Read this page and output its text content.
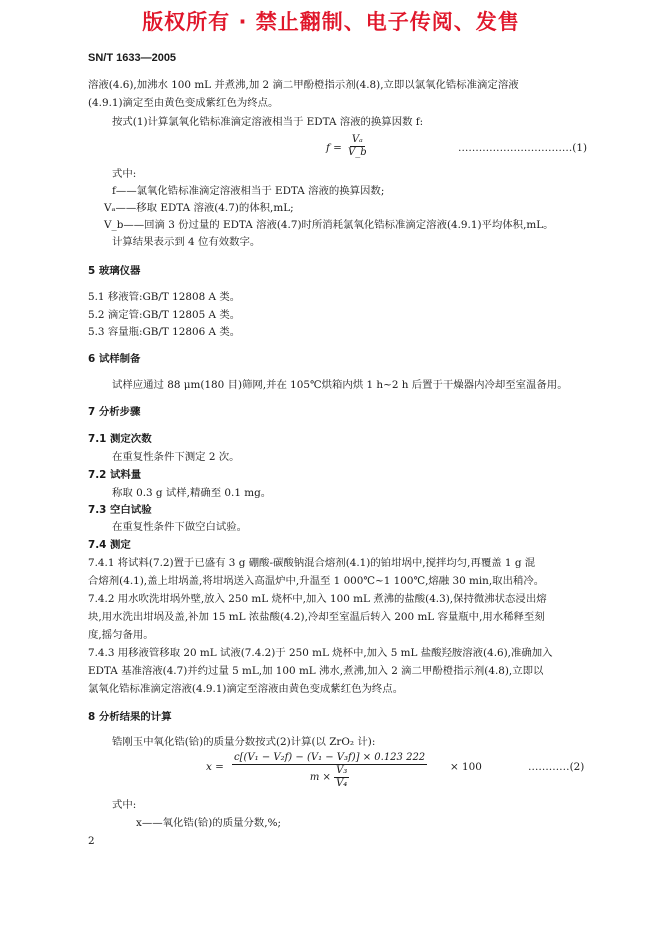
版权所有 · 禁止翻制、电子传阅、发售
SN/T 1633—2005
溶液(4.6),加沸水 100 mL 并煮沸,加 2 滴二甲酚橙指示剂(4.8),立即以氯氧化锆标准滴定溶液
(4.9.1)滴定至由黄色变成紫红色为终点。
按式(1)计算氯氧化锆标准滴定溶液相当于 EDTA 溶液的换算因数 f:
$f = \frac{\text{Vₐ}}{V\_b}$	……………………………(1)
式中:
f——氯氧化锆标准滴定溶液相当于 EDTA 溶液的换算因数;
Vₐ——移取 EDTA 溶液(4.7)的体积,mL;
V_b——回滴 3 份过量的 EDTA 溶液(4.7)时所消耗氯氧化锆标准滴定溶液(4.9.1)平均体积,mL。
计算结果表示到 4 位有效数字。
5 玻璃仪器
5.1 移液管:GB/T 12808 A 类。
5.2 滴定管:GB/T 12805 A 类。
5.3 容量瓶:GB/T 12806 A 类。
6 试样制备
试样应通过 88 μm(180 目)筛网,并在 105℃烘箱内烘 1 h~2 h 后置于干燥器内冷却至室温备用。
7 分析步骤
7.1 测定次数
在重复性条件下测定 2 次。
7.2 试料量
称取 0.3 g 试样,精确至 0.1 mg。
7.3 空白试验
在重复性条件下做空白试验。
7.4 测定
7.4.1 将试料(7.2)置于已盛有 3 g 硼酸-碳酸钠混合熔剂(4.1)的铂坩埚中,搅拌均匀,再覆盖 1 g 混
合熔剂(4.1),盖上坩埚盖,将坩埚送入高温炉中,升温至 1 000℃~1 100℃,熔融 30 min,取出稍冷。
7.4.2 用水吹洗坩埚外壁,放入 250 mL 烧杯中,加入 100 mL 煮沸的盐酸(4.3),保持微沸状态浸出熔
块,用水洗出坩埚及盖,补加 15 mL 浓盐酸(4.2),冷却至室温后转入 200 mL 容量瓶中,用水稀释至刻
度,摇匀备用。
7.4.3 用移液管移取 20 mL 试液(7.4.2)于 250 mL 烧杯中,加入 5 mL 盐酸羟胺溶液(4.6),准确加入
EDTA 基准溶液(4.7)并约过量 5 mL,加 100 mL 沸水,煮沸,加入 2 滴二甲酚橙指示剂(4.8),立即以
氯氧化锆标准滴定溶液(4.9.1)滴定至溶液由黄色变成紫红色为终点。
8 分析结果的计算
锆刚玉中氧化锆(铪)的质量分数按式(2)计算(以 ZrO₂ 计):
$x = \frac{\text{c[(V₁ − V₂f) − (V₁ − V₃f)] × 0.123 222}}{m \times \frac{\text{V₃}}{\text{V₄}}} \times 100$	…………(2)
式中:
x——氧化锆(铪)的质量分数,%;
2
